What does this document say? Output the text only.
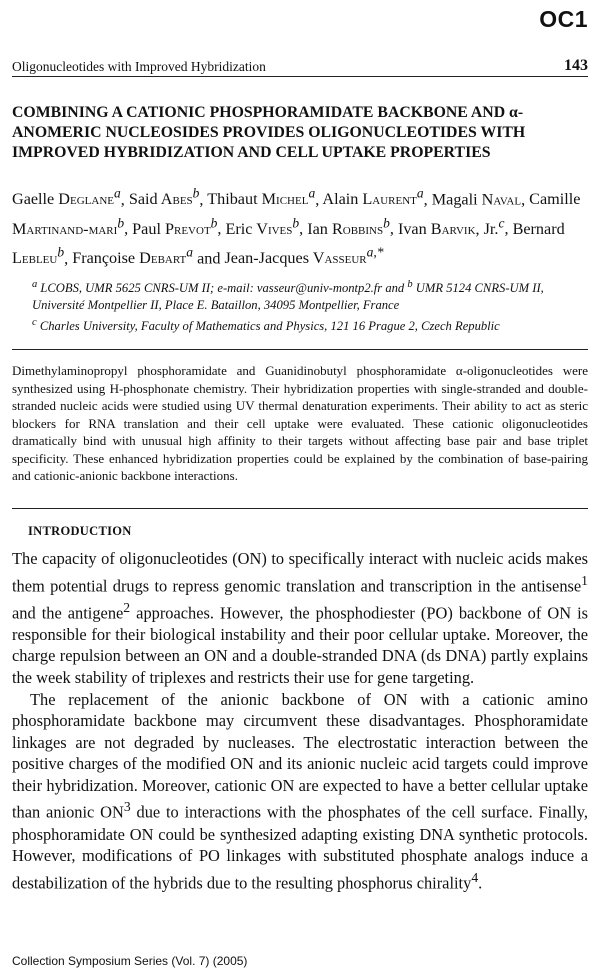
OC1
Oligonucleotides with Improved Hybridization	143
COMBINING A CATIONIC PHOSPHORAMIDATE BACKBONE AND α-ANOMERIC NUCLEOSIDES PROVIDES OLIGONUCLEOTIDES WITH IMPROVED HYBRIDIZATION AND CELL UPTAKE PROPERTIES

Gaelle Deglane$^a$, Said Abes$^b$, Thibaut Michel$^a$, Alain Laurent$^a$, Magali Naval, Camille Martinand-mari$^b$, Paul Prevot$^b$, Eric Vives$^b$, Ian Robbins$^b$, Ivan Barvik, Jr.$^c$, Bernard Lebleu$^b$, Françoise Debart$^a$ and Jean-Jacques Vasseur$^{a,*}$

$^a$ LCOBS, UMR 5625 CNRS-UM II; e-mail: vasseur@univ-montp2.fr and $^b$ UMR 5124 CNRS-UM II, Université Montpellier II, Place E. Bataillon, 34095 Montpellier, France
$^c$ Charles University, Faculty of Mathematics and Physics, 121 16 Prague 2, Czech Republic

Dimethylaminopropyl phosphoramidate and Guanidinobutyl phosphoramidate α-oligonucleotides were synthesized using H-phosphonate chemistry. Their hybridization properties with single-stranded and double-stranded nucleic acids were studied using UV thermal denaturation experiments. Their ability to act as steric blockers for RNA translation and their cell uptake were evaluated. These cationic oligonucleotides dramatically bind with unusual high affinity to their targets without affecting base pair and base triplet specificity. These enhanced hybridization properties could be explained by the combination of base-pairing and cationic-anionic backbone interactions.

INTRODUCTION

The capacity of oligonucleotides (ON) to specifically interact with nucleic acids makes them potential drugs to repress genomic translation and transcription in the antisense$^1$ and the antigene$^2$ approaches. However, the phosphodiester (PO) backbone of ON is responsible for their biological instability and their poor cellular uptake. Moreover, the charge repulsion between an ON and a double-stranded DNA (ds DNA) partly explains the week stability of triplexes and restricts their use for gene targeting.

The replacement of the anionic backbone of ON with a cationic amino phosphoramidate backbone may circumvent these disadvantages. Phosphoramidate linkages are not degraded by nucleases. The electrostatic interaction between the positive charges of the modified ON and its anionic nucleic acid targets could improve their hybridization. Moreover, cationic ON are expected to have a better cellular uptake than anionic $ON^3$ due to interactions with the phosphates of the cell surface. Finally, phosphoramidate ON could be synthesized adapting existing DNA synthetic protocols. However, modifications of PO linkages with substituted phosphate analogs induce a destabilization of the hybrids due to the resulting phosphorus chirality$^4$.

Collection Symposium Series (Vol. 7) (2005)
